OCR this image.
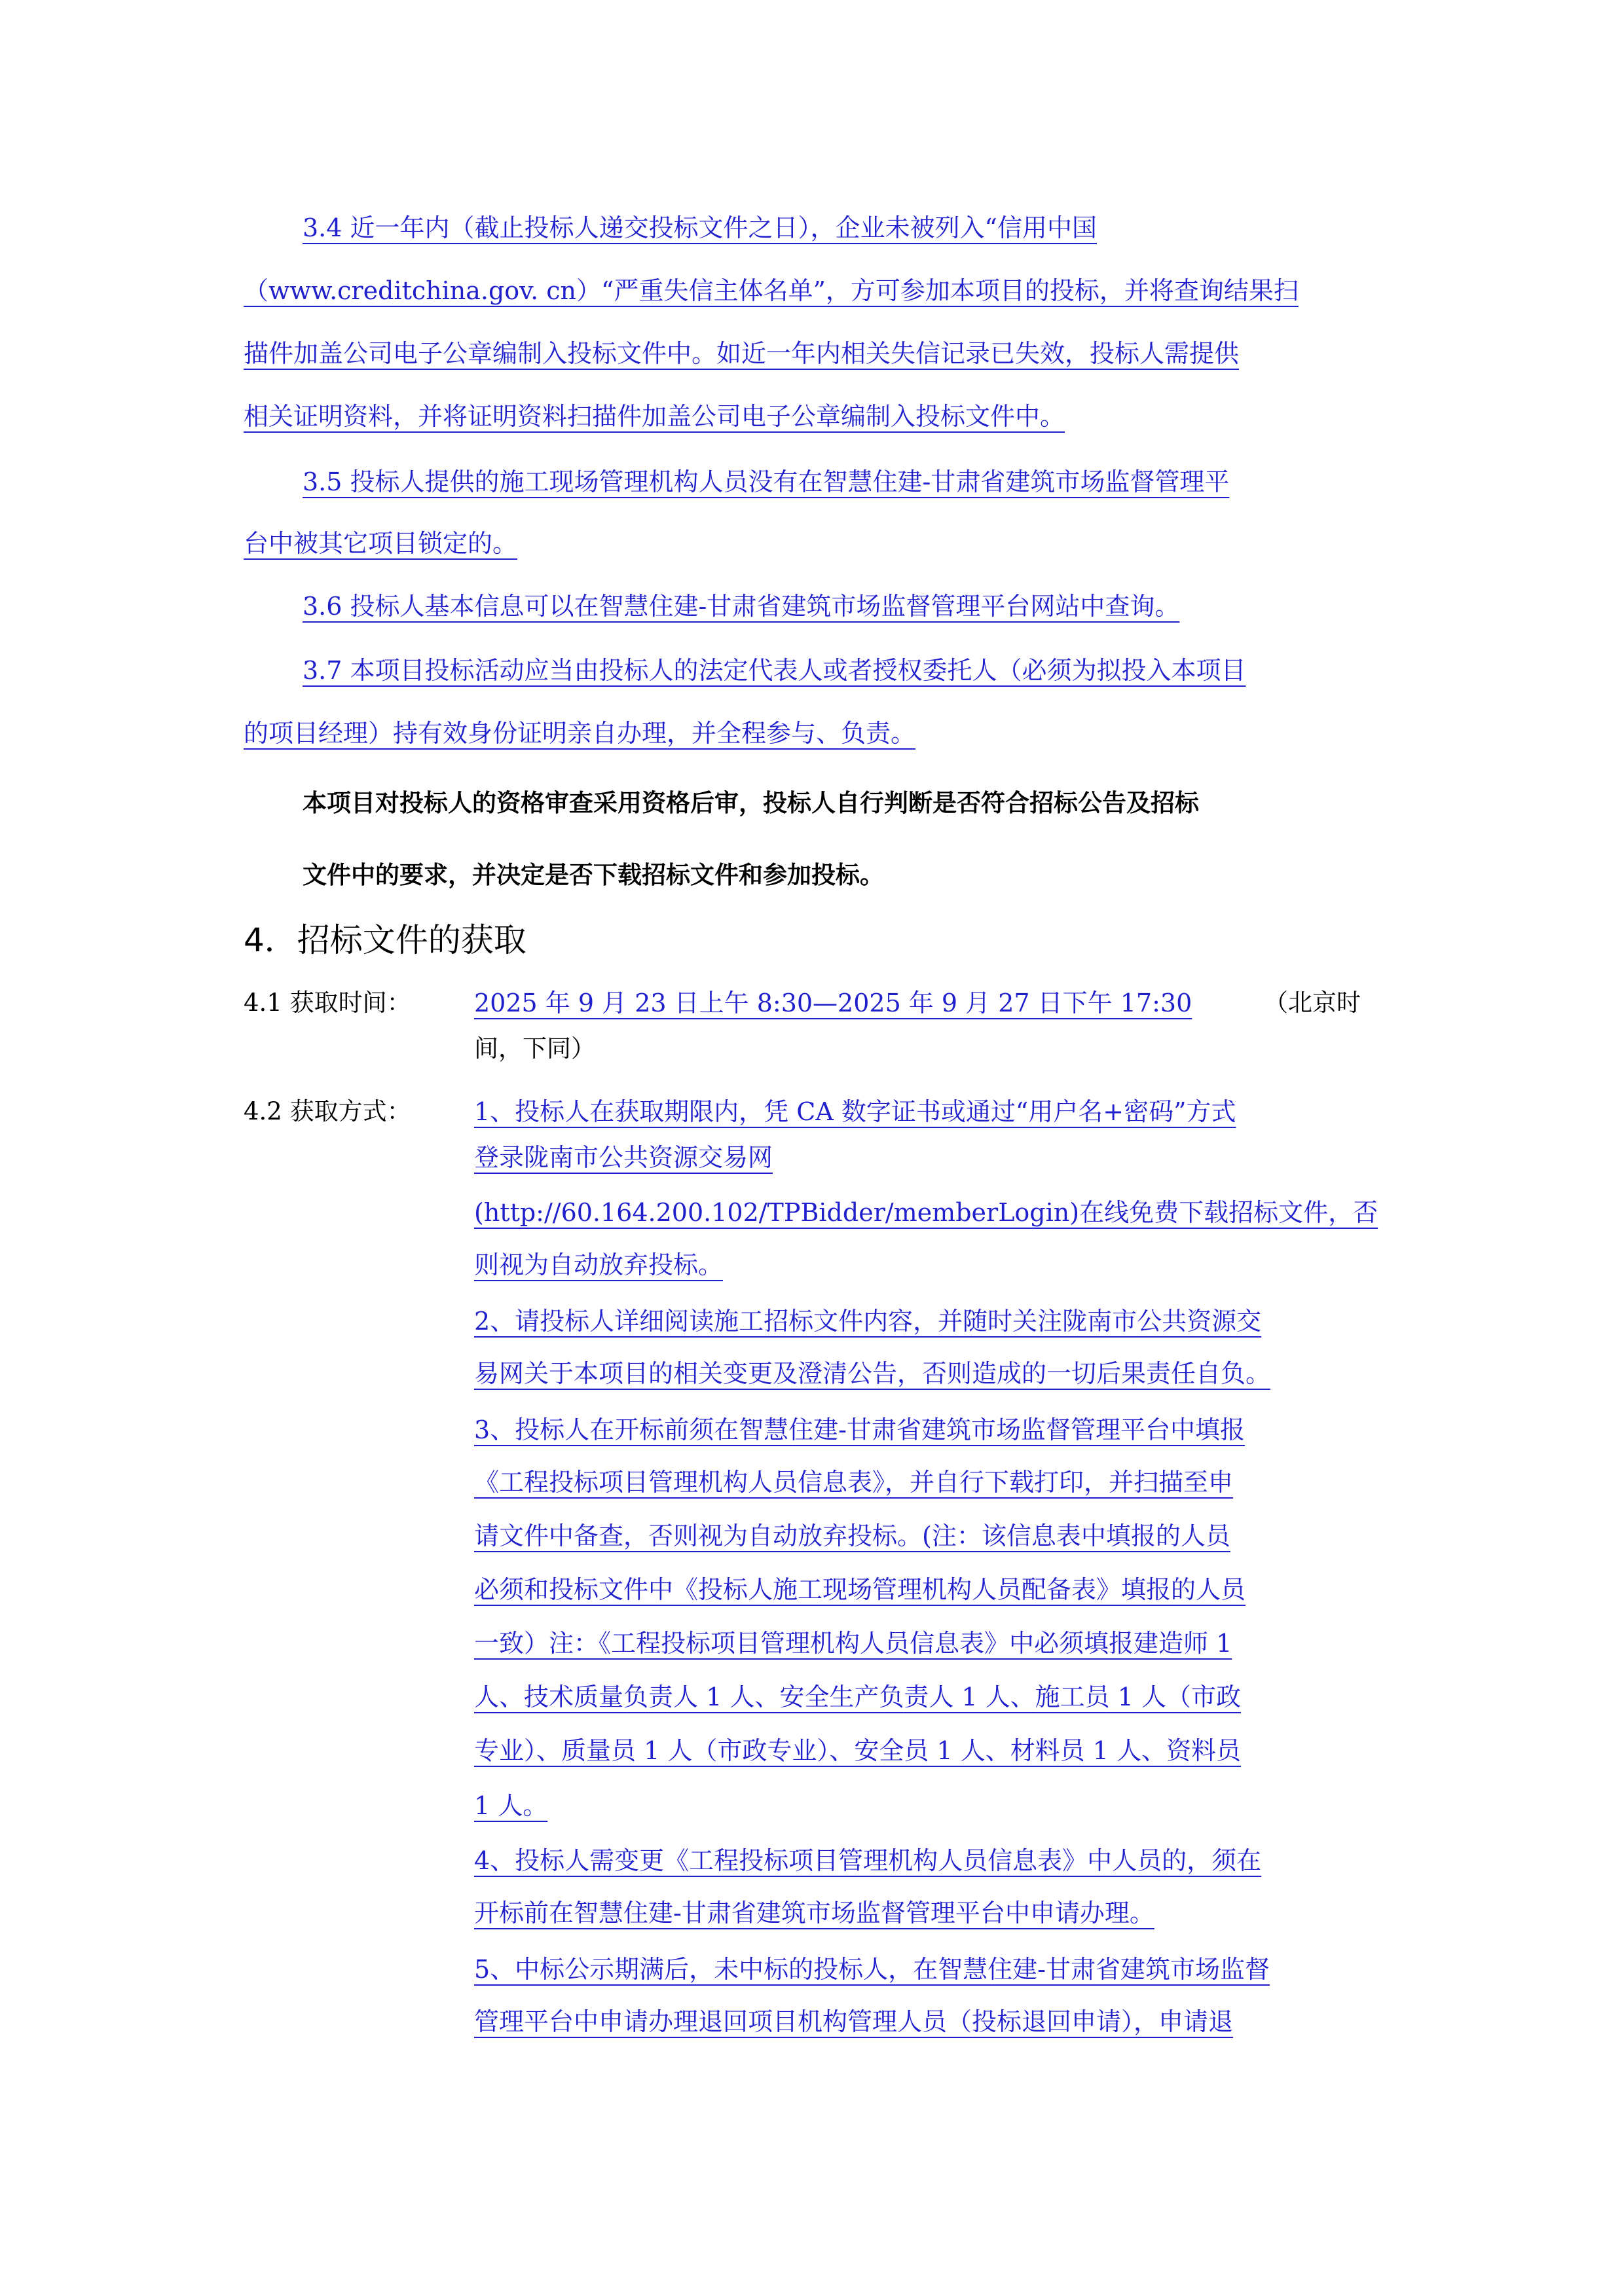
3.4 近一年内（截止投标人递交投标文件之日），企业未被列入“信用中国
（www.creditchina.gov. cn）“严重失信主体名单”，方可参加本项目的投标，并将查询结果扫
描件加盖公司电子公章编制入投标文件中。如近一年内相关失信记录已失效，投标人需提供
相关证明资料，并将证明资料扫描件加盖公司电子公章编制入投标文件中。
3.5 投标人提供的施工现场管理机构人员没有在智慧住建-甘肃省建筑市场监督管理平
台中被其它项目锁定的。
3.6 投标人基本信息可以在智慧住建-甘肃省建筑市场监督管理平台网站中查询。
3.7 本项目投标活动应当由投标人的法定代表人或者授权委托人（必须为拟投入本项目
的项目经理）持有效身份证明亲自办理，并全程参与、负责。
本项目对投标人的资格审查采用资格后审，投标人自行判断是否符合招标公告及招标
文件中的要求，并决定是否下载招标文件和参加投标。
4．招标文件的获取
4.1 获取时间：	2025 年 9 月 23 日上午 8:30—2025 年 9 月 27 日下午 17:30	（北京时
间，下同）
4.2 获取方式：	1、投标人在获取期限内，凭 CA 数字证书或通过“用户名+密码”方式
登录陇南市公共资源交易网
(http://60.164.200.102/TPBidder/memberLogin)在线免费下载招标文件，否
则视为自动放弃投标。
2、请投标人详细阅读施工招标文件内容，并随时关注陇南市公共资源交
易网关于本项目的相关变更及澄清公告，否则造成的一切后果责任自负。
3、投标人在开标前须在智慧住建-甘肃省建筑市场监督管理平台中填报
《工程投标项目管理机构人员信息表》，并自行下载打印，并扫描至申
请文件中备查，否则视为自动放弃投标。(注：该信息表中填报的人员
必须和投标文件中《投标人施工现场管理机构人员配备表》填报的人员
一致）注：《工程投标项目管理机构人员信息表》中必须填报建造师 1
人、技术质量负责人 1 人、安全生产负责人 1 人、施工员 1 人（市政
专业）、质量员 1 人（市政专业）、安全员 1 人、材料员 1 人、资料员
1 人。
4、投标人需变更《工程投标项目管理机构人员信息表》中人员的，须在
开标前在智慧住建-甘肃省建筑市场监督管理平台中申请办理。
5、中标公示期满后，未中标的投标人，在智慧住建-甘肃省建筑市场监督
管理平台中申请办理退回项目机构管理人员（投标退回申请），申请退
